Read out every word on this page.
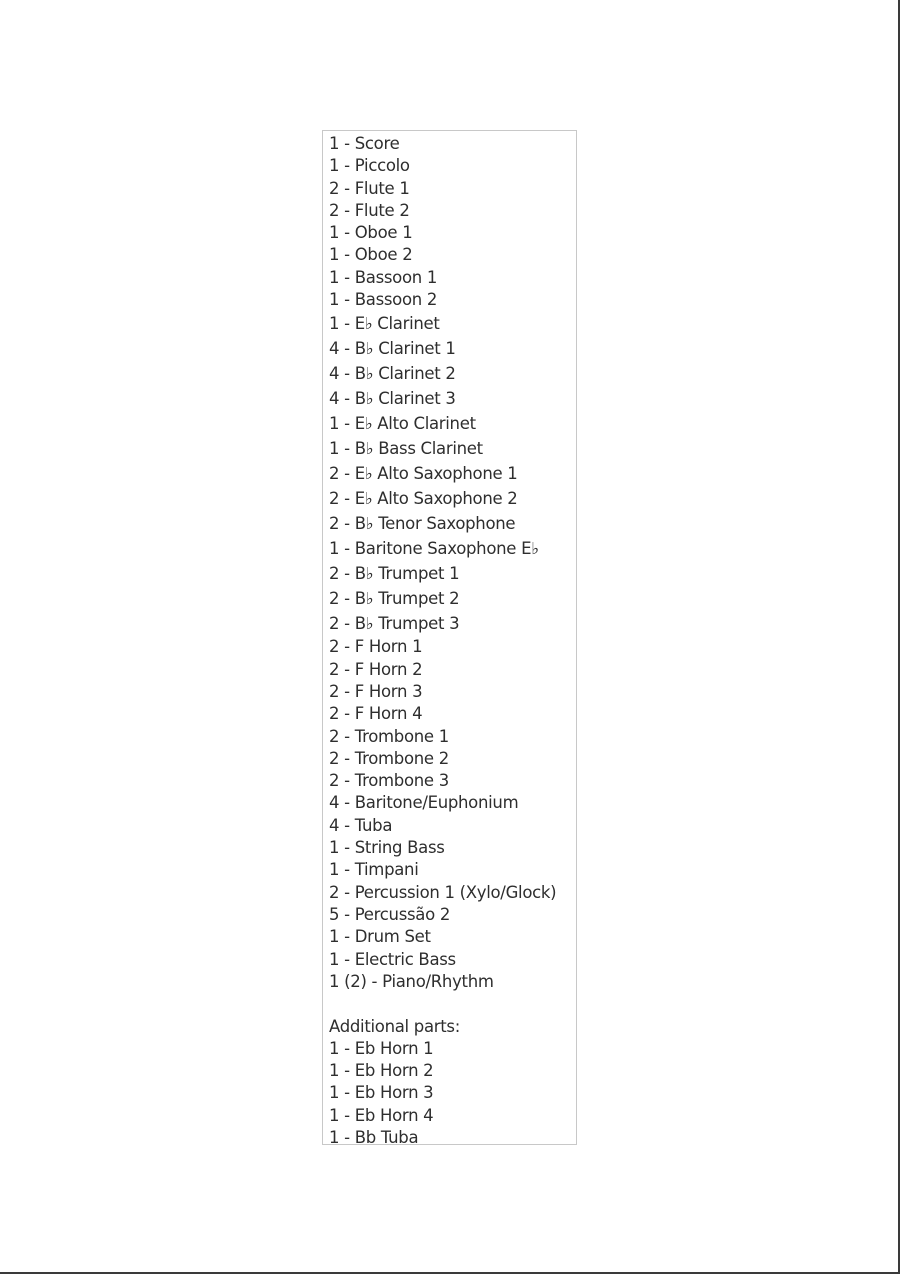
1 - Score
1 - Piccolo
2 - Flute 1
2 - Flute 2
1 - Oboe 1
1 - Oboe 2
1 - Bassoon 1
1 - Bassoon 2
1 - E♭ Clarinet
4 - B♭ Clarinet 1
4 - B♭ Clarinet 2
4 - B♭ Clarinet 3
1 - E♭ Alto Clarinet
1 - B♭ Bass Clarinet
2 - E♭ Alto Saxophone 1
2 - E♭ Alto Saxophone 2
2 - B♭ Tenor Saxophone
1 - Baritone Saxophone E♭
2 - B♭ Trumpet 1
2 - B♭ Trumpet 2
2 - B♭ Trumpet 3
2 - F Horn 1
2 - F Horn 2
2 - F Horn 3
2 - F Horn 4
2 - Trombone 1
2 - Trombone 2
2 - Trombone 3
4 - Baritone/Euphonium
4 - Tuba
1 - String Bass
1 - Timpani
2 - Percussion 1 (Xylo/Glock)
5 - Percussão 2
1 - Drum Set
1 - Electric Bass
1 (2) - Piano/Rhythm
Additional parts:
1 - Eb Horn 1
1 - Eb Horn 2
1 - Eb Horn 3
1 - Eb Horn 4
1 - Bb Tuba
